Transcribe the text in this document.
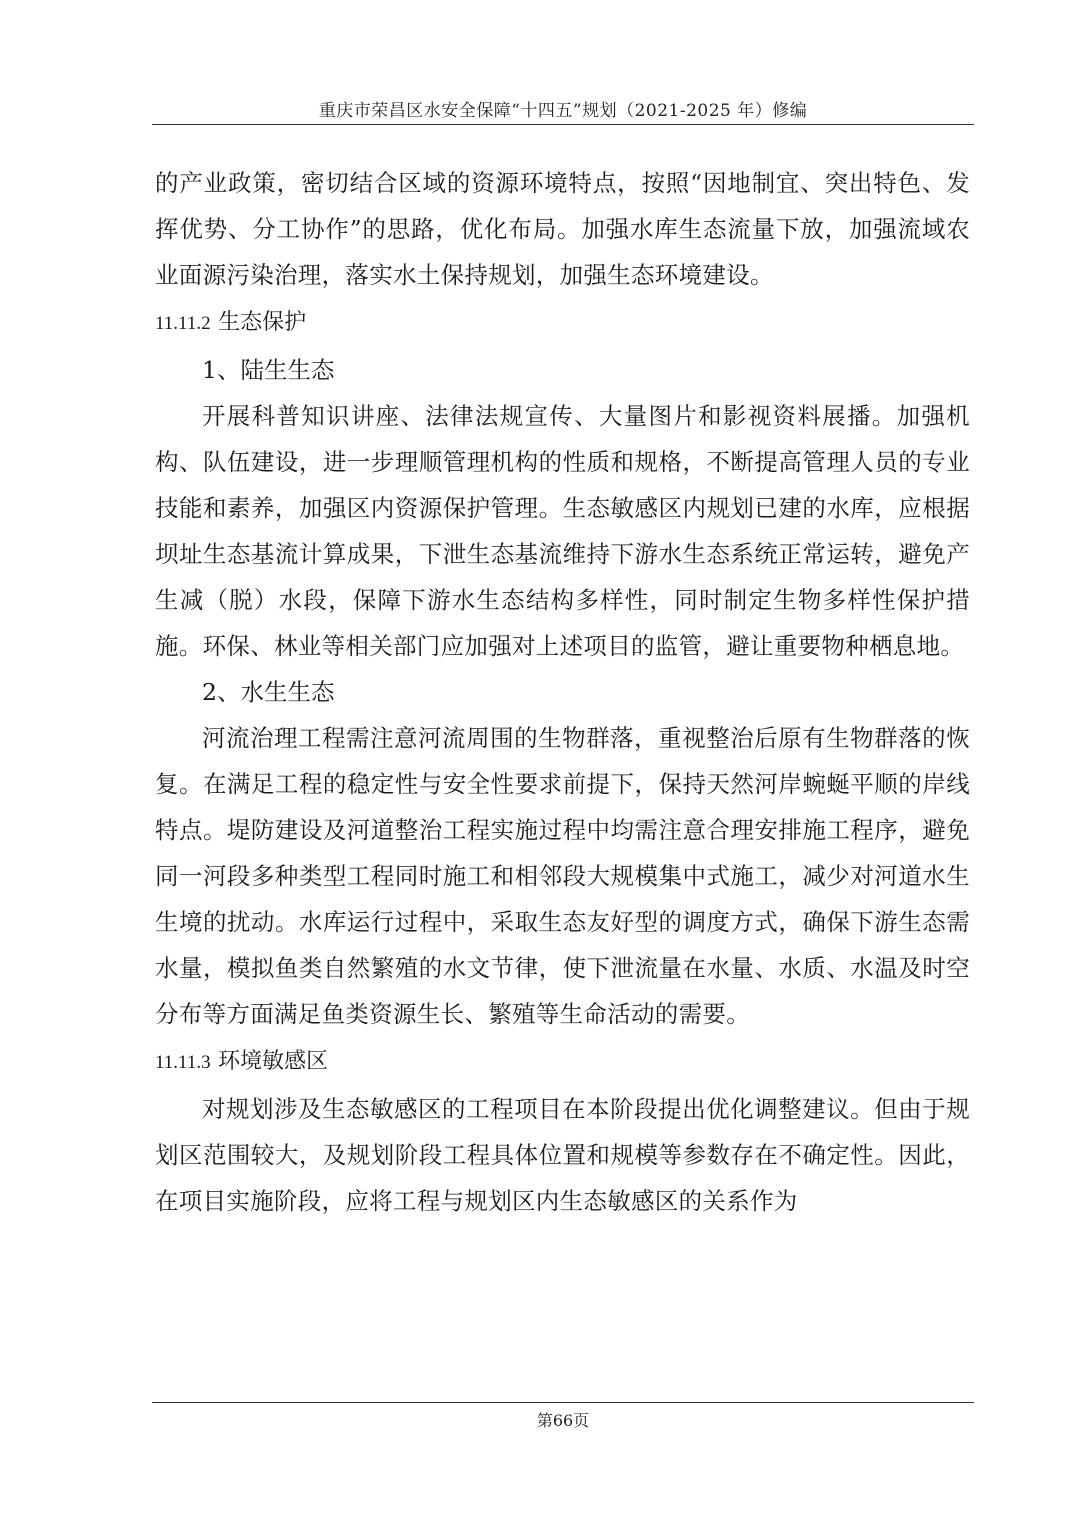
重庆市荣昌区水安全保障“十四五”规划（2021-2025 年）修编

的产业政策，密切结合区域的资源环境特点，按照“因地制宜、突出特色、发挥优势、分工协作”的思路，优化布局。加强水库生态流量下放，加强流域农业面源污染治理，落实水土保持规划，加强生态环境建设。

11.11.2 生态保护

1、陆生生态

开展科普知识讲座、法律法规宣传、大量图片和影视资料展播。加强机构、队伍建设，进一步理顺管理机构的性质和规格，不断提高管理人员的专业技能和素养，加强区内资源保护管理。生态敏感区内规划已建的水库，应根据坝址生态基流计算成果，下泄生态基流维持下游水生态系统正常运转，避免产生减（脱）水段，保障下游水生态结构多样性，同时制定生物多样性保护措施。环保、林业等相关部门应加强对上述项目的监管，避让重要物种栖息地。

2、水生生态

河流治理工程需注意河流周围的生物群落，重视整治后原有生物群落的恢复。在满足工程的稳定性与安全性要求前提下，保持天然河岸蜿蜒平顺的岸线特点。堤防建设及河道整治工程实施过程中均需注意合理安排施工程序，避免同一河段多种类型工程同时施工和相邻段大规模集中式施工，减少对河道水生生境的扰动。水库运行过程中，采取生态友好型的调度方式，确保下游生态需水量，模拟鱼类自然繁殖的水文节律，使下泄流量在水量、水质、水温及时空分布等方面满足鱼类资源生长、繁殖等生命活动的需要。

11.11.3 环境敏感区

对规划涉及生态敏感区的工程项目在本阶段提出优化调整建议。但由于规划区范围较大，及规划阶段工程具体位置和规模等参数存在不确定性。因此，在项目实施阶段，应将工程与规划区内生态敏感区的关系作为

第66页
